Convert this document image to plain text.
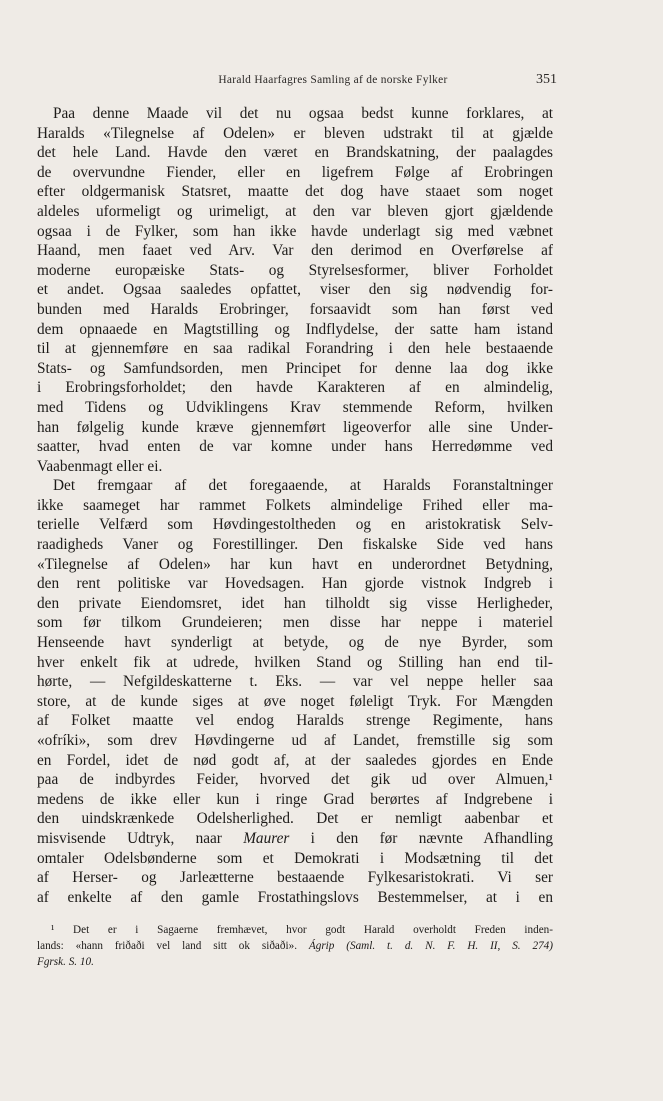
Harald Haarfagres Samling af de norske Fylker	351
Paa denne Maade vil det nu ogsaa bedst kunne forklares, at
Haralds «Tilegnelse af Odelen» er bleven udstrakt til at gjælde
det hele Land. Havde den været en Brandskatning, der paalagdes
de overvundne Fiender, eller en ligefrem Følge af Erobringen
efter oldgermanisk Statsret, maatte det dog have staaet som noget
aldeles uformeligt og urimeligt, at den var bleven gjort gjældende
ogsaa i de Fylker, som han ikke havde underlagt sig med væbnet
Haand, men faaet ved Arv. Var den derimod en Overførelse af
moderne europæiske Stats- og Styrelsesformer, bliver Forholdet
et andet. Ogsaa saaledes opfattet, viser den sig nødvendig for-
bunden med Haralds Erobringer, forsaavidt som han først ved
dem opnaaede en Magtstilling og Indflydelse, der satte ham istand
til at gjennemføre en saa radikal Forandring i den hele bestaaende
Stats- og Samfundsorden, men Principet for denne laa dog ikke
i Erobringsforholdet; den havde Karakteren af en almindelig,
med Tidens og Udviklingens Krav stemmende Reform, hvilken
han følgelig kunde kræve gjennemført ligeoverfor alle sine Under-
saatter, hvad enten de var komne under hans Herredømme ved
Vaabenmagt eller ei.
Det fremgaar af det foregaaende, at Haralds Foranstaltninger
ikke saameget har rammet Folkets almindelige Frihed eller ma-
terielle Velfærd som Høvdingestoltheden og en aristokratisk Selv-
raadigheds Vaner og Forestillinger. Den fiskalske Side ved hans
«Tilegnelse af Odelen» har kun havt en underordnet Betydning,
den rent politiske var Hovedsagen. Han gjorde vistnok Indgreb i
den private Eiendomsret, idet han tilholdt sig visse Herligheder,
som før tilkom Grundeieren; men disse har neppe i materiel
Henseende havt synderligt at betyde, og de nye Byrder, som
hver enkelt fik at udrede, hvilken Stand og Stilling han end til-
hørte, — Nefgildeskatterne t. Eks. — var vel neppe heller saa
store, at de kunde siges at øve noget føleligt Tryk. For Mængden
af Folket maatte vel endog Haralds strenge Regimente, hans
«ofríki», som drev Høvdingerne ud af Landet, fremstille sig som
en Fordel, idet de nød godt af, at der saaledes gjordes en Ende
paa de indbyrdes Feider, hvorved det gik ud over Almuen,¹
medens de ikke eller kun i ringe Grad berørtes af Indgrebene i
den uindskrænkede Odelsherlighed. Det er nemligt aabenbar et
misvisende Udtryk, naar Maurer i den før nævnte Afhandling
omtaler Odelsbønderne som et Demokrati i Modsætning til det
af Herser- og Jarleætterne bestaaende Fylkesaristokrati. Vi ser
af enkelte af den gamle Frostathingslovs Bestemmelser, at i en
¹ Det er i Sagaerne fremhævet, hvor godt Harald overholdt Freden inden-
lands: «hann friðaði vel land sitt ok siðaði». Ágrip (Saml. t. d. N. F. H. II, S. 274)
Fgrsk. S. 10.
